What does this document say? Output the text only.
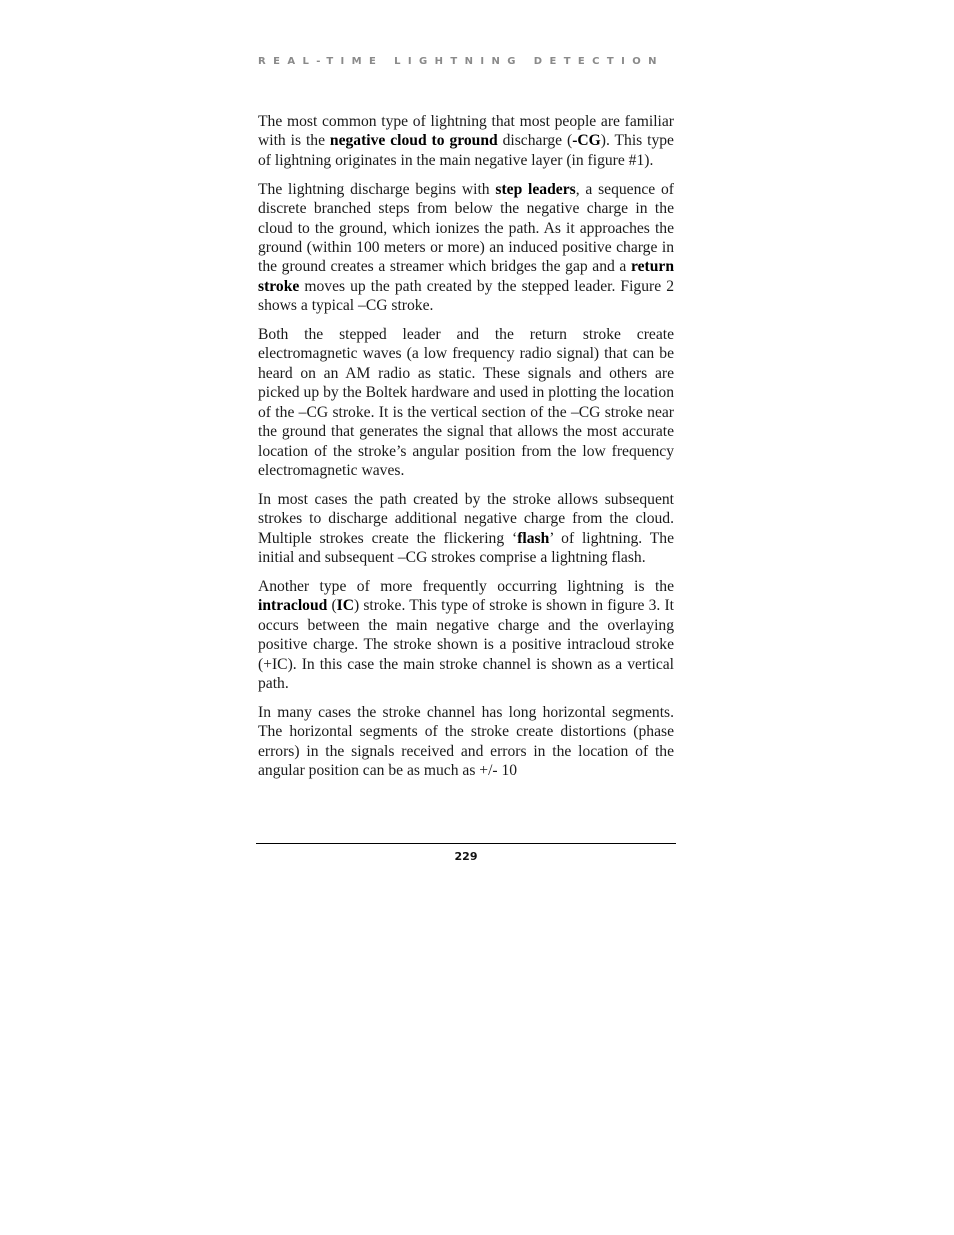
REAL-TIME LIGHTNING DETECTION

The most common type of lightning that most people are familiar with is the negative cloud to ground discharge (-CG). This type of lightning originates in the main negative layer (in figure #1).

The lightning discharge begins with step leaders, a sequence of discrete branched steps from below the negative charge in the cloud to the ground, which ionizes the path. As it approaches the ground (within 100 meters or more) an induced positive charge in the ground creates a streamer which bridges the gap and a return stroke moves up the path created by the stepped leader. Figure 2 shows a typical –CG stroke.

Both the stepped leader and the return stroke create electromagnetic waves (a low frequency radio signal) that can be heard on an AM radio as static. These signals and others are picked up by the Boltek hardware and used in plotting the location of the –CG stroke. It is the vertical section of the –CG stroke near the ground that generates the signal that allows the most accurate location of the stroke’s angular position from the low frequency electromagnetic waves.

In most cases the path created by the stroke allows subsequent strokes to discharge additional negative charge from the cloud. Multiple strokes create the flickering ‘flash’ of lightning. The initial and subsequent –CG strokes comprise a lightning flash.

Another type of more frequently occurring lightning is the intracloud (IC) stroke. This type of stroke is shown in figure 3. It occurs between the main negative charge and the overlaying positive charge. The stroke shown is a positive intracloud stroke (+IC). In this case the main stroke channel is shown as a vertical path.

In many cases the stroke channel has long horizontal segments. The horizontal segments of the stroke create distortions (phase errors) in the signals received and errors in the location of the angular position can be as much as +/- 10

229
